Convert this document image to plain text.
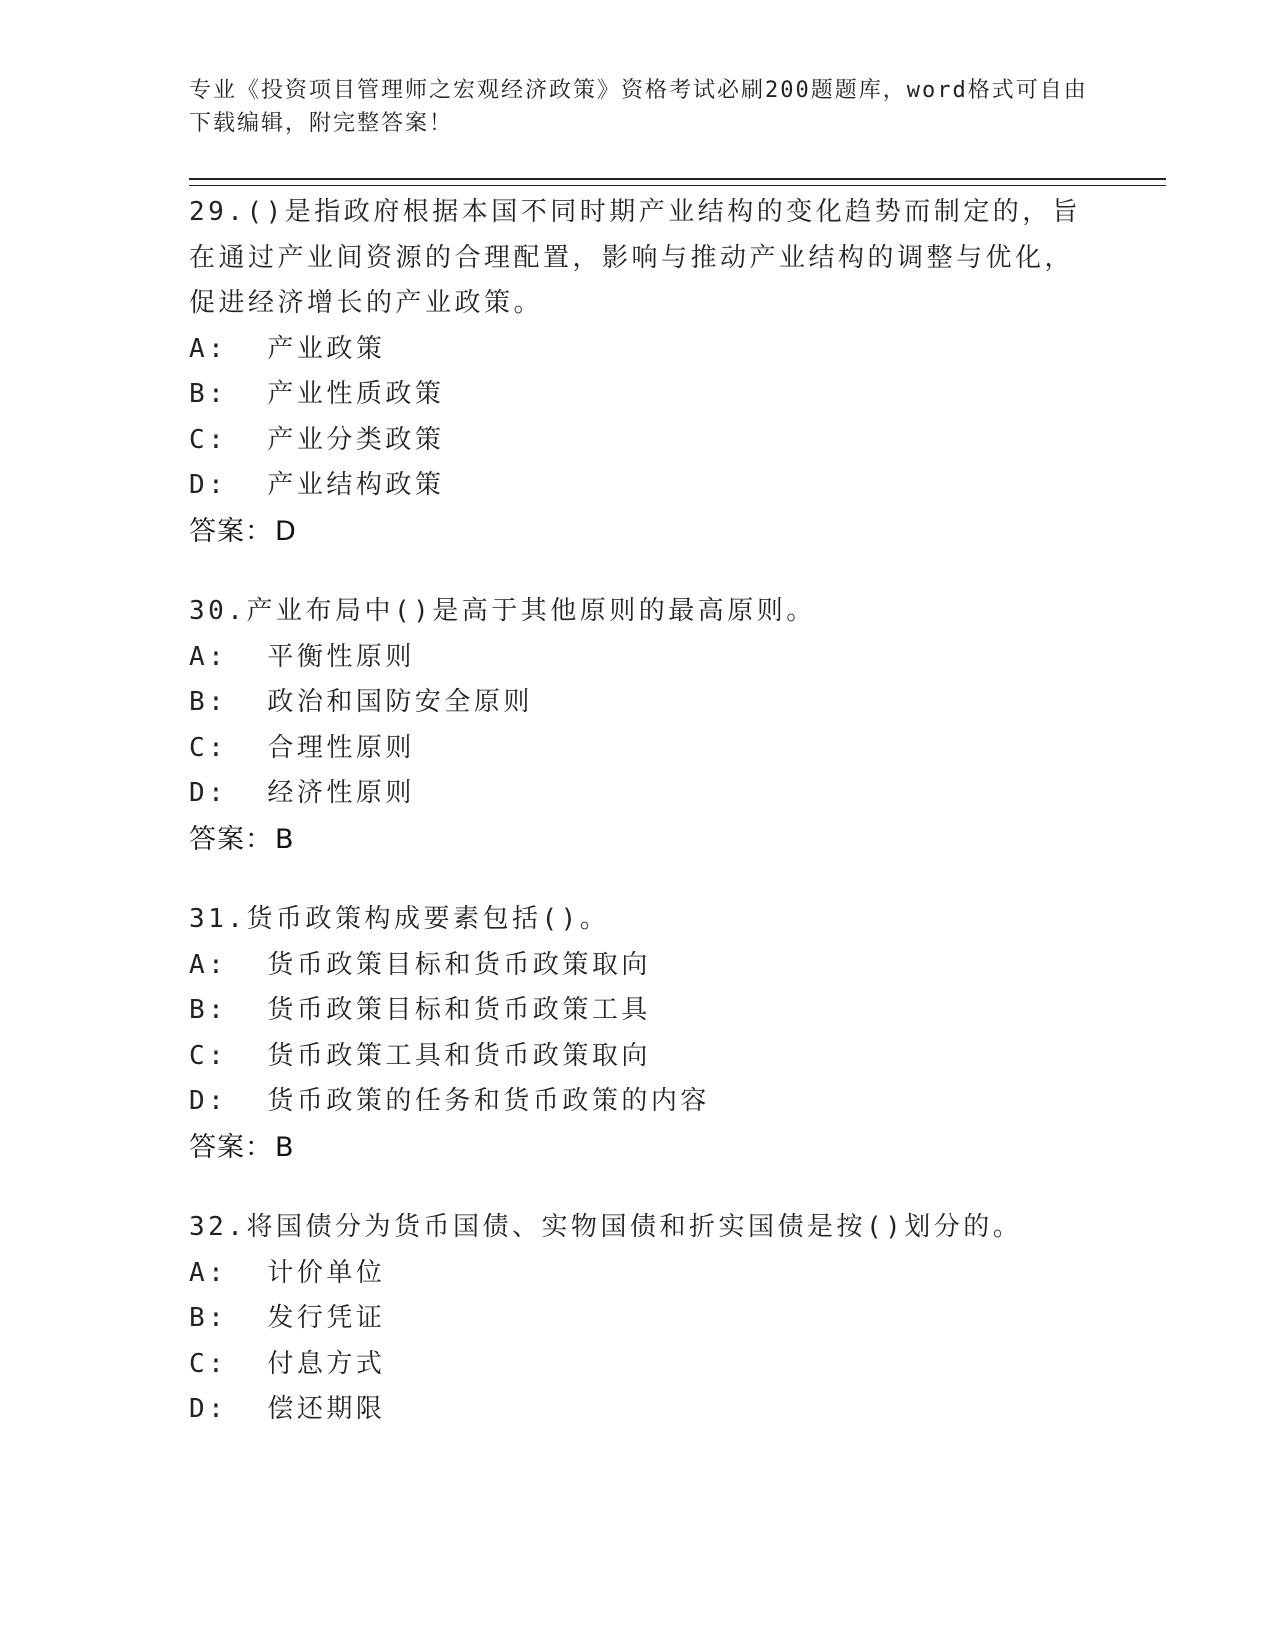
专业《投资项目管理师之宏观经济政策》资格考试必刷200题题库，word格式可自由下载编辑，附完整答案！

29.()是指政府根据本国不同时期产业结构的变化趋势而制定的，旨在通过产业间资源的合理配置，影响与推动产业结构的调整与优化，促进经济增长的产业政策。

A: 产业政策
B: 产业性质政策
C: 产业分类政策
D: 产业结构政策
答案：D

30.产业布局中()是高于其他原则的最高原则。

A: 平衡性原则
B: 政治和国防安全原则
C: 合理性原则
D: 经济性原则
答案：B

31.货币政策构成要素包括()。

A: 货币政策目标和货币政策取向
B: 货币政策目标和货币政策工具
C: 货币政策工具和货币政策取向
D: 货币政策的任务和货币政策的内容
答案：B

32.将国债分为货币国债、实物国债和折实国债是按()划分的。

A: 计价单位
B: 发行凭证
C: 付息方式
D: 偿还期限
